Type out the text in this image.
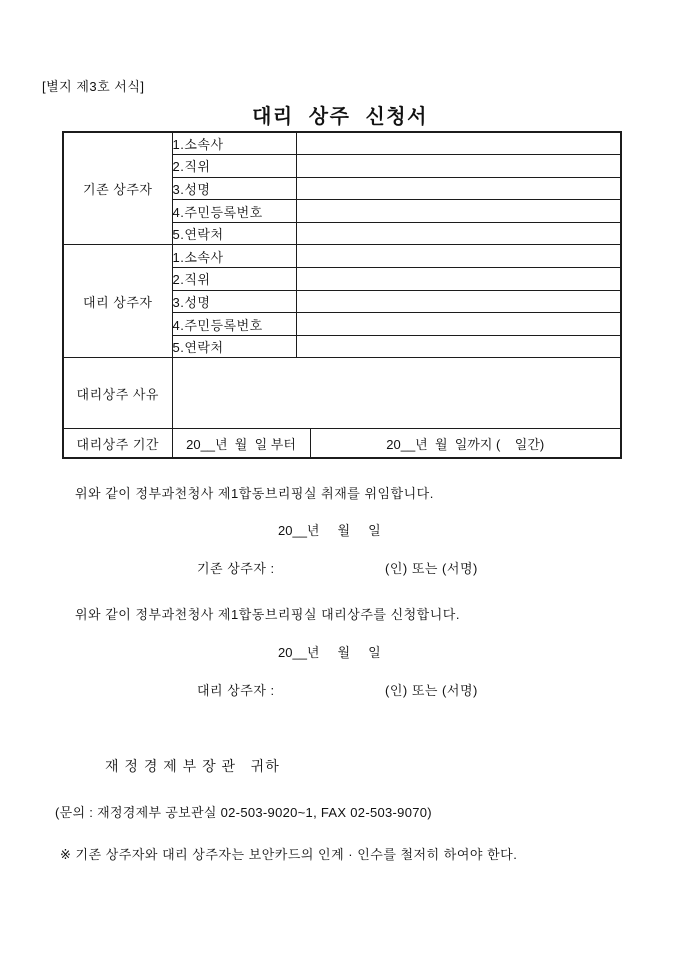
[별지 제3호 서식]
대리 상주 신청서
기존 상주자	1.소속사		
	2.직위		
	3.성명		
	4.주민등록번호		
	5.연락처		
대리 상주자	1.소속사		
	2.직위		
	3.성명		
	4.주민등록번호		
	5.연락처		
대리상주 사유			
대리상주 기간	20__년  월  일 부터		20__년  월  일까지 (    일간)
위와 같이 정부과천청사 제1합동브리핑실 취재를 위임합니다.
20__년     월     일
기존 상주자 :	(인) 또는 (서명)
위와 같이 정부과천청사 제1합동브리핑실 대리상주를 신청합니다.
20__년     월     일
대리 상주자 :	(인) 또는 (서명)
재 정 경 제 부 장 관   귀하
(문의 : 재정경제부 공보관실 02-503-9020~1, FAX 02-503-9070)
※ 기존 상주자와 대리 상주자는 보안카드의 인계 · 인수를 철저히 하여야 한다.
